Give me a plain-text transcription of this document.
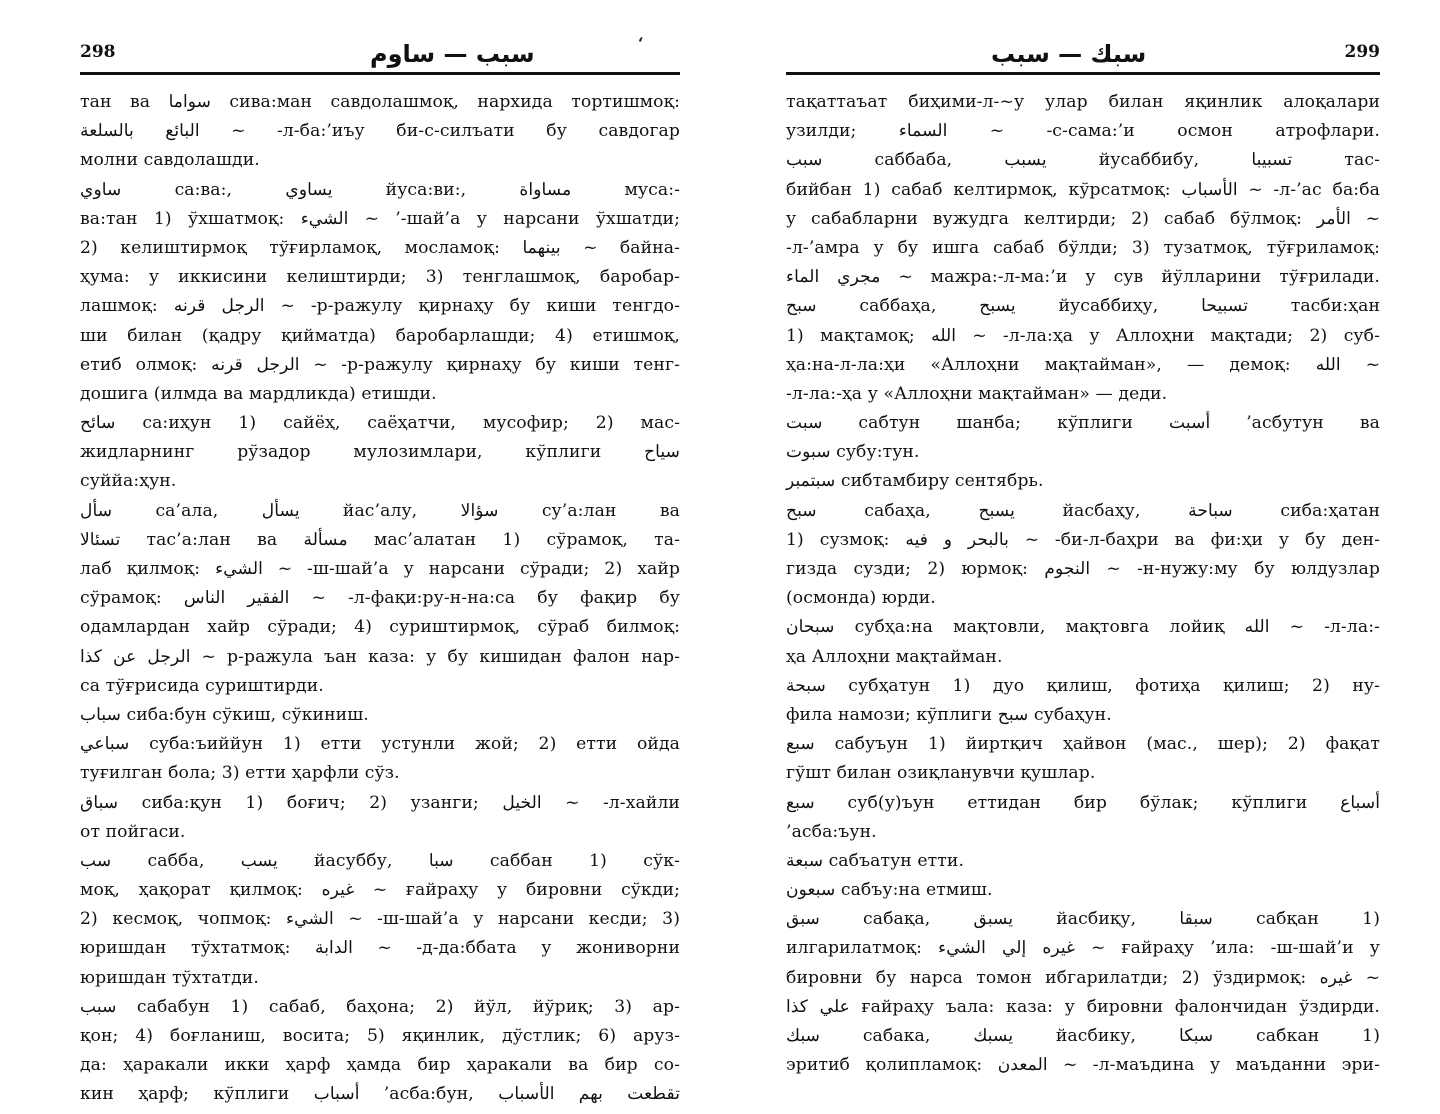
298	سبب — ساوم	ʻ
тан ва سواما сива:ман савдолашмоқ, нархида тортишмоқ:
البائع بالسلعة ~ -л-ба:’иъу би-с-силъати бу савдогар
молни савдолашди.
ساوي са:ва:, يساوي йуса:ви:, مساواة муса:-
ва:тан 1) ўхшатмоқ: الشيء ~ ’-шай’а у нарсани ўхшатди;
2) келиштирмоқ тўғирламоқ, мосламоқ: بينهما ~ байна-
ҳума: у иккисини келиштирди; 3) тенглашмоқ, баробар-
лашмоқ: الرجل قرنه ~ -р-ражулу қирнаҳу бу киши тенгдо-
ши билан (қадру қийматда) баробарлашди; 4) етишмоқ,
етиб олмоқ: الرجل قرنه ~ -р-ражулу қирнаҳу бу киши тенг-
дошига (илмда ва мардликда) етишди.
سائح са:иҳун 1) сайёҳ, саёҳатчи, мусофир; 2) мас-
жидларнинг рўзадор мулозимлари, кўплиги سياح
суййа:ҳун.
سأل са’ала, يسأل йас’алу, سؤالا су’а:лан ва
تسئالا тас’а:лан ва مسألة мас’алатан 1) сўрамоқ, та-
лаб қилмоқ: الشيء ~ -ш-шай’а у нарсани сўради; 2) хайр
сўрамоқ: الفقير الناس ~ -л-фақи:ру-н-на:са бу фақир бу
одамлардан хайр сўради; 4) суриштирмоқ, сўраб билмоқ:
الرجل عن كذا ~ р-ражула ъан каза: у бу кишидан фалон нар-
са тўғрисида суриштирди.
سباب сиба:бун сўкиш, сўкиниш.
سباعي суба:ъиййун 1) етти устунли жой; 2) етти ойда
туғилган бола; 3) етти ҳарфли сўз.
سباق сиба:қун 1) бoғич; 2) узанги; الخيل ~ -л-хайли
от пойгаси.
سب сабба, يسب йасуббу, سبا саббан 1) сўк-
моқ, ҳақорат қилмоқ: غيره ~ ғайраҳу у бировни сўкди;
2) кесмоқ, чопмоқ: الشيء ~ -ш-шай’а у нарсани кесди; 3)
юришдан тўхтатмоқ: الدابة ~ -д-да:ббата у жониворни
юришдан тўхтатди.
سبب сабабун 1) сабаб, баҳона; 2) йўл, йўриқ; 3) ар-
қон; 4) боғланиш, восита; 5) яқинлик, дўстлик; 6) аруз-
да: ҳаракали икки ҳарф ҳамда бир ҳаракали ва бир со-
кин ҳарф; кўплиги أسباب ’асба:бун, تقطعت بهم الأسباب
299
سبك — سبب
тақаттаъат биҳими-л-~у улар билан яқинлик алоқалари
узилди; السماء ~ -с-сама:’и осмон атрофлари.
سبب саббаба, يسبب йусаббибу, تسبيبا тас-
бийбан 1) сабаб келтирмоқ, кўрсатмоқ: الأسباب ~ -л-’ас ба:ба
у сабабларни вужудга келтирди; 2) сабаб бўлмоқ: الأمر ~
-л-’амра у бу ишга сабаб бўлди; 3) тузатмоқ, тўғриламоқ:
مجري الماء ~ мажра:-л-ма:’и у сув йўлларини тўғрилади.
سبح саббаҳа, يسبح йусаббиҳу, تسبيحا тасби:ҳан
1) мақтамоқ; الله ~ -л-ла:ҳа у Аллоҳни мақтади; 2) суб-
ҳа:на-л-ла:ҳи «Аллоҳни мақтайман», — демоқ: الله ~
-л-ла:-ҳа у «Аллоҳни мақтайман» — деди.
سبت сабтун шанба; кўплиги أسبت ’асбутун ва
سبوت субу:тун.
سبتمبر сибтамбиру сентябрь.
سبح сабаҳа, يسبح йасбаҳу, سباحة сиба:ҳатан
1) сузмоқ: بالبحر و فيه ~ -би-л-баҳри ва фи:ҳи у бу ден-
гизда сузди; 2) юрмоқ: النجوم ~ -н-нужу:му бу юлдузлар
(осмонда) юрди.
سبحان субҳа:на мақтовли, мақтовга лойиқ الله ~ -л-ла:-
ҳа Аллоҳни мақтайман.
سبحة субҳатун 1) дуо қилиш, фотиҳа қилиш; 2) ну-
фила намози; кўплиги سبح субаҳун.
سبع сабуъун 1) йиртқич ҳайвон (мас., шер); 2) фақат
гўшт билан озиқланувчи қушлар.
سبع суб(у)ъун еттидан бир бўлак; кўплиги أسباع
’асба:ъун.
سبعة сабъатун етти.
سبعون сабъу:на етмиш.
سبق сабақа, يسبق йасбиқу, سبقا сабқан 1)
илгарилатмоқ: غيره إلي الشيء ~ ғайраҳу ’ила: -ш-шай’и у
бировни бу нарса томон ибгарилатди; 2) ўздирмоқ: غيره ~
علي كذا ғайраҳу ъала: каза: у бировни фалончидан ўздирди.
سبك сабака, يسبك йасбику, سبكا сабкан 1)
эритиб қолипламоқ: المعدن ~ -л-маъдина у маъданни эри-
